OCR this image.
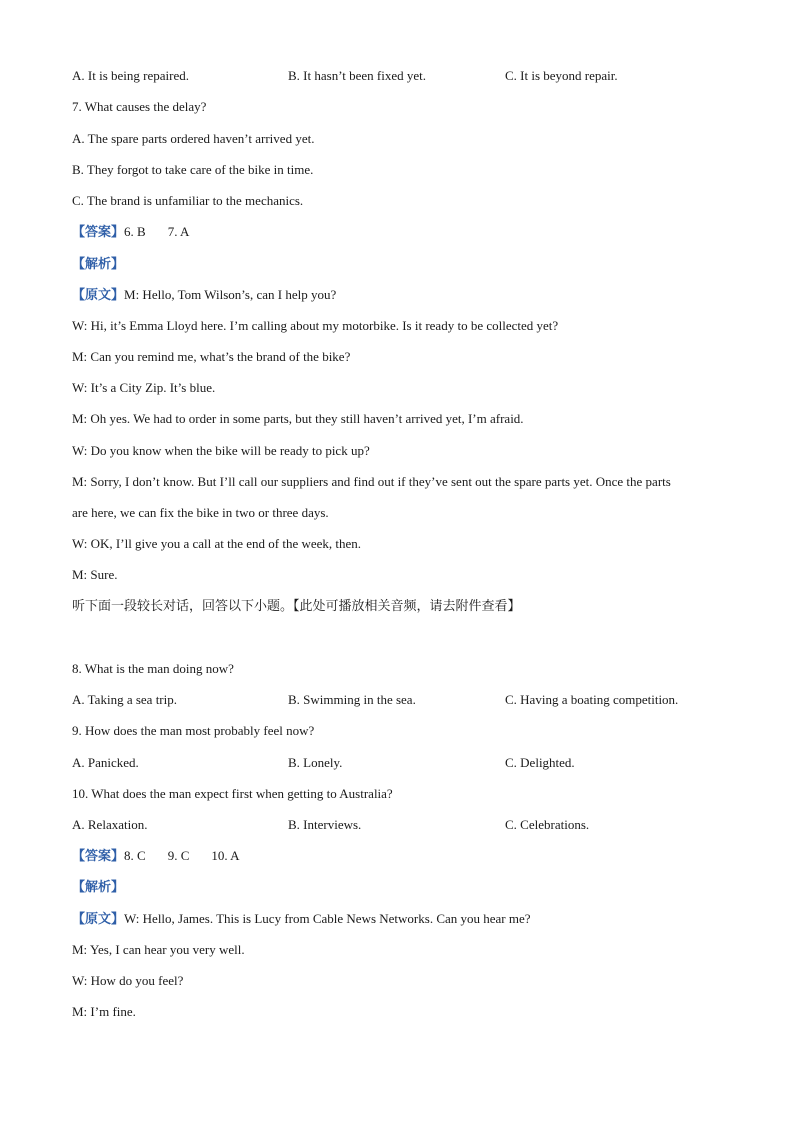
A. It is being repaired.	B. It hasn’t been fixed yet.	C. It is beyond repair.
7. What causes the delay?
A. The spare parts ordered haven’t arrived yet.
B. They forgot to take care of the bike in time.
C. The brand is unfamiliar to the mechanics.
【答案】6. B 7. A
【解析】
【原文】M: Hello, Tom Wilson’s, can I help you?
W: Hi, it’s Emma Lloyd here. I’m calling about my motorbike. Is it ready to be collected yet?
M: Can you remind me, what’s the brand of the bike?
W: It’s a City Zip. It’s blue.
M: Oh yes. We had to order in some parts, but they still haven’t arrived yet, I’m afraid.
W: Do you know when the bike will be ready to pick up?
M: Sorry, I don’t know. But I’ll call our suppliers and find out if they’ve sent out the spare parts yet. Once the parts
are here, we can fix the bike in two or three days.
W: OK, I’ll give you a call at the end of the week, then.
M: Sure.
听下面一段较长对话，回答以下小题。【此处可播放相关音频，请去附件查看】
8. What is the man doing now?
A. Taking a sea trip.	B. Swimming in the sea.	C. Having a boating competition.
9. How does the man most probably feel now?
A. Panicked.	B. Lonely.	C. Delighted.
10. What does the man expect first when getting to Australia?
A. Relaxation.	B. Interviews.	C. Celebrations.
【答案】8. C 9. C 10. A
【解析】
【原文】W: Hello, James. This is Lucy from Cable News Networks. Can you hear me?
M: Yes, I can hear you very well.
W: How do you feel?
M: I’m fine.
